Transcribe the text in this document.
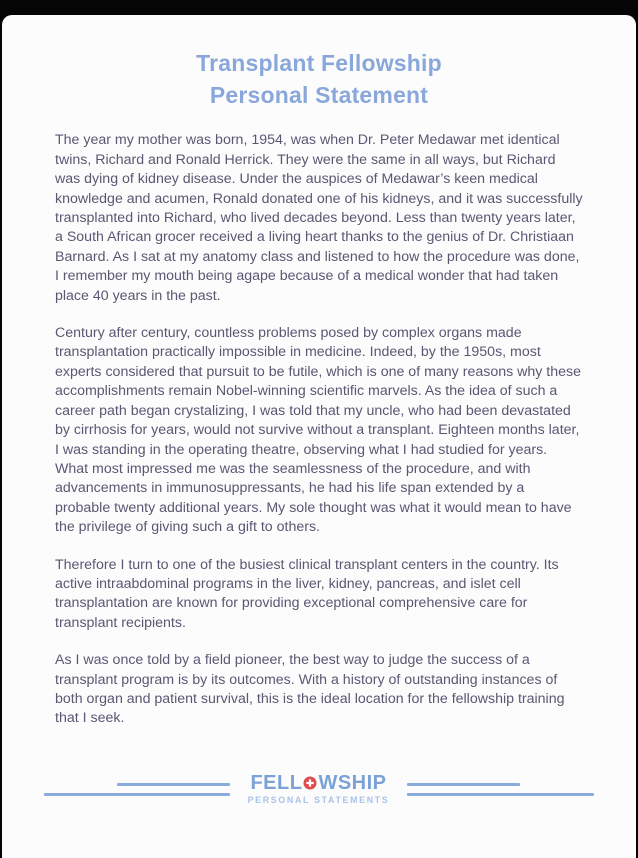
Transplant Fellowship
Personal Statement

The year my mother was born, 1954, was when Dr. Peter Medawar met identical twins, Richard and Ronald Herrick. They were the same in all ways, but Richard was dying of kidney disease. Under the auspices of Medawar’s keen medical knowledge and acumen, Ronald donated one of his kidneys, and it was successfully transplanted into Richard, who lived decades beyond. Less than twenty years later, a South African grocer received a living heart thanks to the genius of Dr. Christiaan Barnard. As I sat at my anatomy class and listened to how the procedure was done, I remember my mouth being agape because of a medical wonder that had taken place 40 years in the past.

Century after century, countless problems posed by complex organs made transplantation practically impossible in medicine. Indeed, by the 1950s, most experts considered that pursuit to be futile, which is one of many reasons why these accomplishments remain Nobel-winning scientific marvels. As the idea of such a career path began crystalizing, I was told that my uncle, who had been devastated by cirrhosis for years, would not survive without a transplant. Eighteen months later, I was standing in the operating theatre, observing what I had studied for years. What most impressed me was the seamlessness of the procedure, and with advancements in immunosuppressants, he had his life span extended by a probable twenty additional years. My sole thought was what it would mean to have the privilege of giving such a gift to others.

Therefore I turn to one of the busiest clinical transplant centers in the country. Its active intraabdominal programs in the liver, kidney, pancreas, and islet cell transplantation are known for providing exceptional comprehensive care for transplant recipients.

As I was once told by a field pioneer, the best way to judge the success of a transplant program is by its outcomes. With a history of outstanding instances of both organ and patient survival, this is the ideal location for the fellowship training that I seek.

FELL WSHIP
PERSONAL STATEMENTS
